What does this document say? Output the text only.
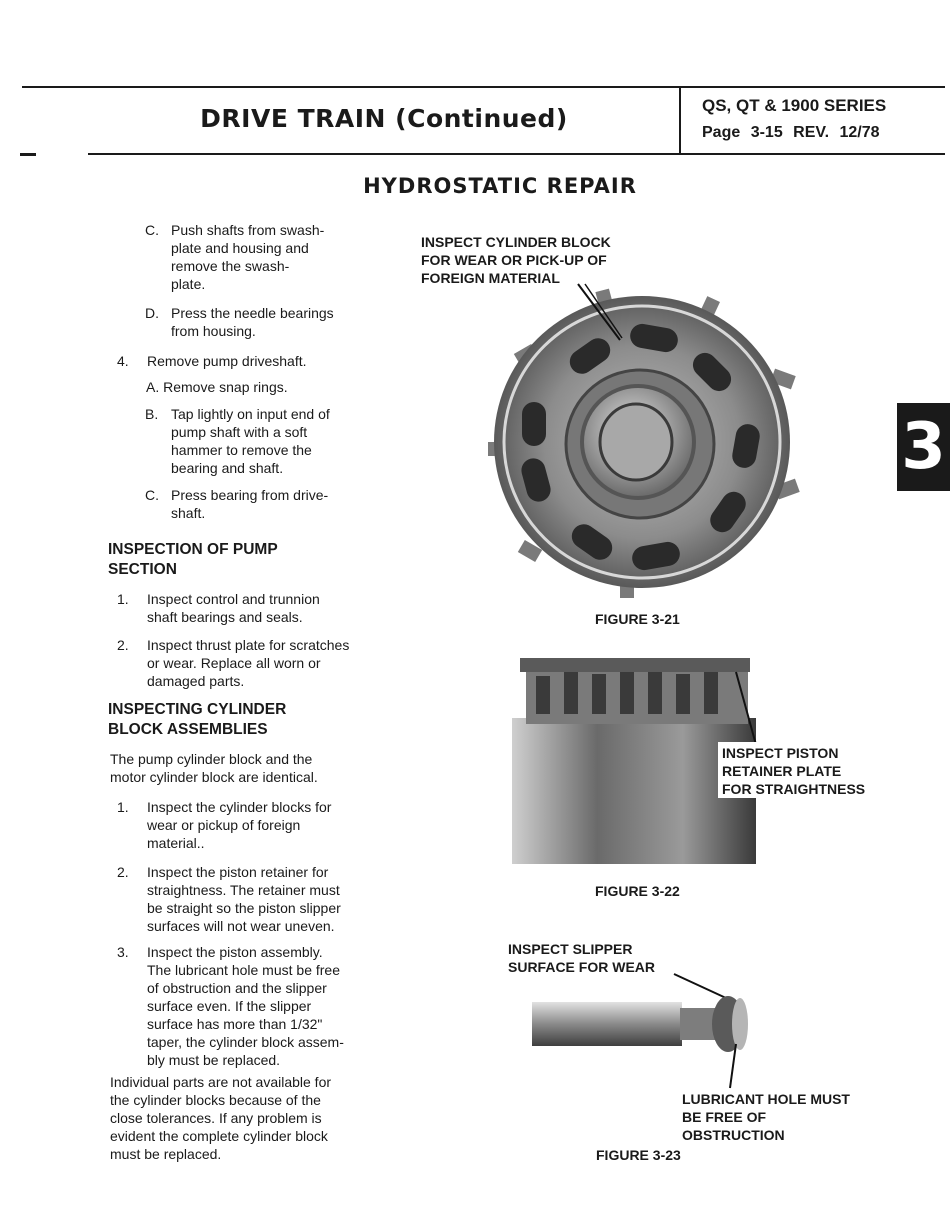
DRIVE TRAIN (Continued)	QS, QT & 1900 SERIES
Page 3-15 REV. 12/78
HYDROSTATIC REPAIR
3
C. Push shafts from swash-
plate and housing and
remove the swash-
plate.
D. Press the needle bearings
from housing.
4.	Remove pump driveshaft.
A. Remove snap rings.
B. Tap lightly on input end of
pump shaft with a soft
hammer to remove the
bearing and shaft.
C. Press bearing from drive-
shaft.
INSPECTION OF PUMP
SECTION
1.	Inspect control and trunnion
shaft bearings and seals.
2.	Inspect thrust plate for scratches
or wear. Replace all worn or
damaged parts.
INSPECTING CYLINDER
BLOCK ASSEMBLIES
The pump cylinder block and the
motor cylinder block are identical.
1.	Inspect the cylinder blocks for
wear or pickup of foreign
material..
2.	Inspect the piston retainer for
straightness. The retainer must
be straight so the piston slipper
surfaces will not wear uneven.
3.	Inspect the piston assembly.
The lubricant hole must be free
of obstruction and the slipper
surface even. If the slipper
surface has more than 1/32"
taper, the cylinder block assem-
bly must be replaced.
Individual parts are not available for
the cylinder blocks because of the
close tolerances. If any problem is
evident the complete cylinder block
must be replaced.
INSPECT CYLINDER BLOCK
FOR WEAR OR PICK-UP OF
FOREIGN MATERIAL
FIGURE 3-21
INSPECT PISTON
RETAINER PLATE
FOR STRAIGHTNESS
FIGURE 3-22
INSPECT SLIPPER
SURFACE FOR WEAR
LUBRICANT HOLE MUST
BE FREE OF
OBSTRUCTION
FIGURE 3-23
